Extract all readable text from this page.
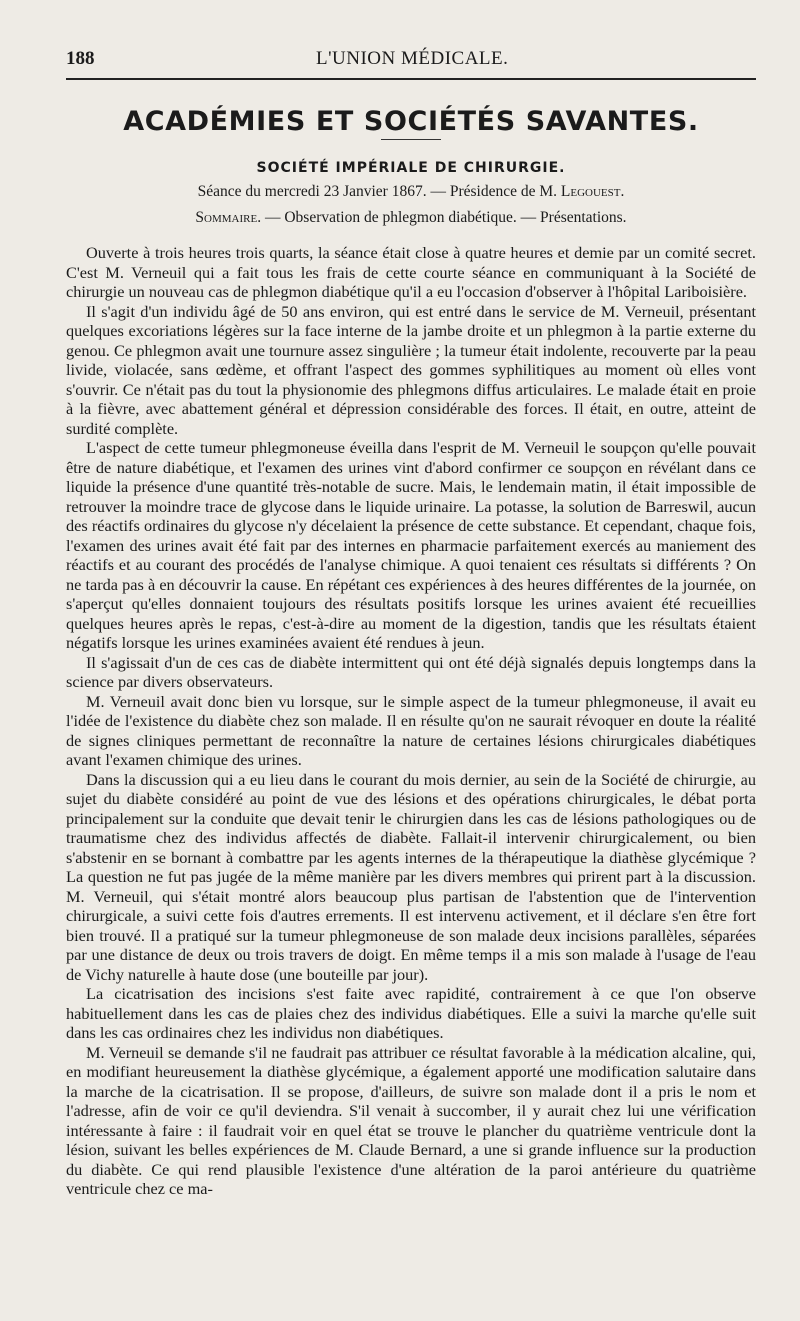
188	L'UNION MÉDICALE.
ACADÉMIES ET SOCIÉTÉS SAVANTES.
SOCIÉTÉ IMPÉRIALE DE CHIRURGIE.
Séance du mercredi 23 Janvier 1867. — Présidence de M. Legouest.
Sommaire. — Observation de phlegmon diabétique. — Présentations.

Ouverte à trois heures trois quarts, la séance était close à quatre heures et demie par un comité secret. C'est M. Verneuil qui a fait tous les frais de cette courte séance en communiquant à la Société de chirurgie un nouveau cas de phlegmon diabétique qu'il a eu l'occasion d'observer à l'hôpital Lariboisière.

Il s'agit d'un individu âgé de 50 ans environ, qui est entré dans le service de M. Verneuil, présentant quelques excoriations légères sur la face interne de la jambe droite et un phlegmon à la partie externe du genou. Ce phlegmon avait une tournure assez singulière ; la tumeur était indolente, recouverte par la peau livide, violacée, sans œdème, et offrant l'aspect des gommes syphilitiques au moment où elles vont s'ouvrir. Ce n'était pas du tout la physionomie des phlegmons diffus articulaires. Le malade était en proie à la fièvre, avec abattement général et dépression considérable des forces. Il était, en outre, atteint de surdité complète.

L'aspect de cette tumeur phlegmoneuse éveilla dans l'esprit de M. Verneuil le soupçon qu'elle pouvait être de nature diabétique, et l'examen des urines vint d'abord confirmer ce soupçon en révélant dans ce liquide la présence d'une quantité très-notable de sucre. Mais, le lendemain matin, il était impossible de retrouver la moindre trace de glycose dans le liquide urinaire. La potasse, la solution de Barreswil, aucun des réactifs ordinaires du glycose n'y décelaient la présence de cette substance. Et cependant, chaque fois, l'examen des urines avait été fait par des internes en pharmacie parfaitement exercés au maniement des réactifs et au courant des procédés de l'analyse chimique. A quoi tenaient ces résultats si différents ? On ne tarda pas à en découvrir la cause. En répétant ces expériences à des heures différentes de la journée, on s'aperçut qu'elles donnaient toujours des résultats positifs lorsque les urines avaient été recueillies quelques heures après le repas, c'est-à-dire au moment de la digestion, tandis que les résultats étaient négatifs lorsque les urines examinées avaient été rendues à jeun.

Il s'agissait d'un de ces cas de diabète intermittent qui ont été déjà signalés depuis longtemps dans la science par divers observateurs.

M. Verneuil avait donc bien vu lorsque, sur le simple aspect de la tumeur phlegmoneuse, il avait eu l'idée de l'existence du diabète chez son malade. Il en résulte qu'on ne saurait révoquer en doute la réalité de signes cliniques permettant de reconnaître la nature de certaines lésions chirurgicales diabétiques avant l'examen chimique des urines.

Dans la discussion qui a eu lieu dans le courant du mois dernier, au sein de la Société de chirurgie, au sujet du diabète considéré au point de vue des lésions et des opérations chirurgicales, le débat porta principalement sur la conduite que devait tenir le chirurgien dans les cas de lésions pathologiques ou de traumatisme chez des individus affectés de diabète. Fallait-il intervenir chirurgicalement, ou bien s'abstenir en se bornant à combattre par les agents internes de la thérapeutique la diathèse glycémique ? La question ne fut pas jugée de la même manière par les divers membres qui prirent part à la discussion. M. Verneuil, qui s'était montré alors beaucoup plus partisan de l'abstention que de l'intervention chirurgicale, a suivi cette fois d'autres errements. Il est intervenu activement, et il déclare s'en être fort bien trouvé. Il a pratiqué sur la tumeur phlegmoneuse de son malade deux incisions parallèles, séparées par une distance de deux ou trois travers de doigt. En même temps il a mis son malade à l'usage de l'eau de Vichy naturelle à haute dose (une bouteille par jour).

La cicatrisation des incisions s'est faite avec rapidité, contrairement à ce que l'on observe habituellement dans les cas de plaies chez des individus diabétiques. Elle a suivi la marche qu'elle suit dans les cas ordinaires chez les individus non diabétiques.

M. Verneuil se demande s'il ne faudrait pas attribuer ce résultat favorable à la médication alcaline, qui, en modifiant heureusement la diathèse glycémique, a également apporté une modification salutaire dans la marche de la cicatrisation. Il se propose, d'ailleurs, de suivre son malade dont il a pris le nom et l'adresse, afin de voir ce qu'il deviendra. S'il venait à succomber, il y aurait chez lui une vérification intéressante à faire : il faudrait voir en quel état se trouve le plancher du quatrième ventricule dont la lésion, suivant les belles expériences de M. Claude Bernard, a une si grande influence sur la production du diabète. Ce qui rend plausible l'existence d'une altération de la paroi antérieure du quatrième ventricule chez ce ma-
